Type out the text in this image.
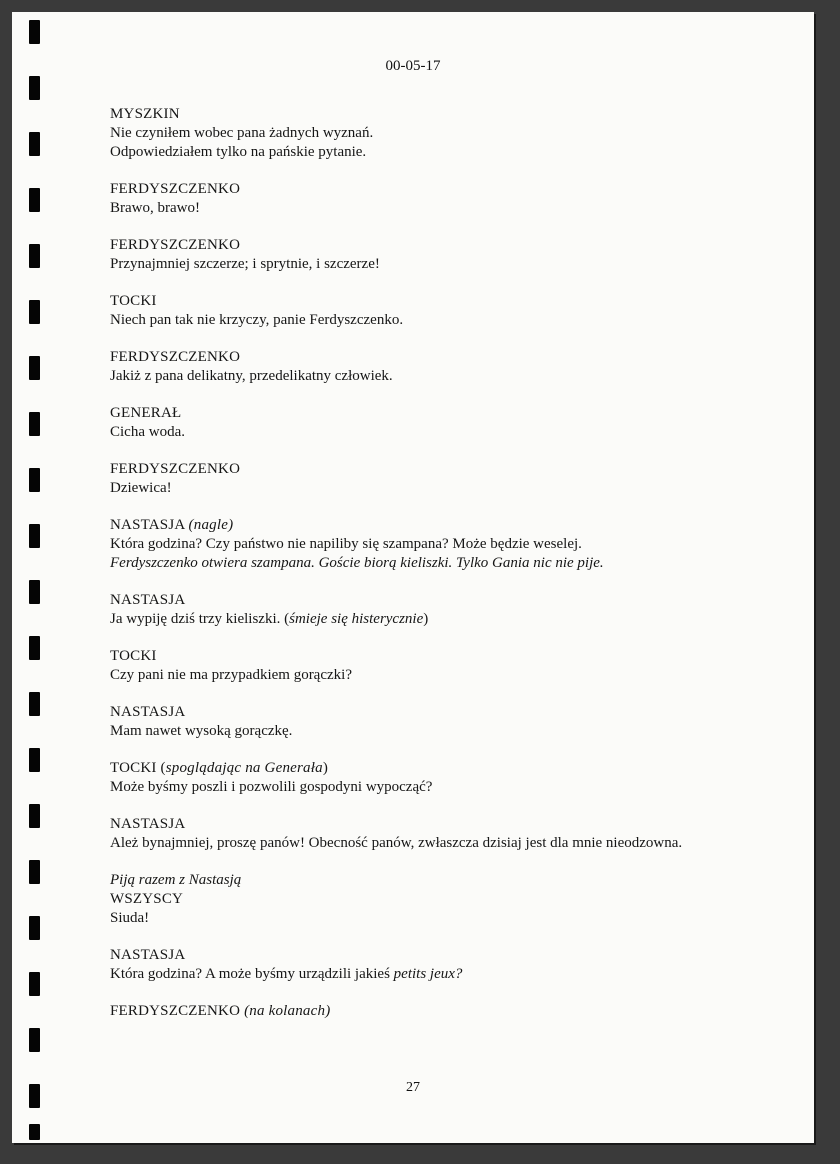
00-05-17
MYSZKIN
Nie czyniłem wobec pana żadnych wyznań.
Odpowiedziałem tylko na pańskie pytanie.
FERDYSZCZENKO
Brawo, brawo!
FERDYSZCZENKO
Przynajmniej szczerze; i sprytnie, i szczerze!
TOCKI
Niech pan tak nie krzyczy, panie Ferdyszczenko.
FERDYSZCZENKO
Jakiż z pana delikatny, przedelikatny człowiek.
GENERAŁ
Cicha woda.
FERDYSZCZENKO
Dziewica!
NASTASJA (nagle)
Która godzina? Czy państwo nie napiliby się szampana? Może będzie weselej.
Ferdyszczenko otwiera szampana. Goście biorą kieliszki. Tylko Gania nic nie pije.
NASTASJA
Ja wypiję dziś trzy kieliszki. (śmieje się histerycznie)
TOCKI
Czy pani nie ma przypadkiem gorączki?
NASTASJA
Mam nawet wysoką gorączkę.
TOCKI (spoglądając na Generała)
Może byśmy poszli i pozwolili gospodyni wypocząć?
NASTASJA
Ależ bynajmniej, proszę panów! Obecność panów, zwłaszcza dzisiaj jest dla mnie nieodzowna.
Piją razem z Nastasją
WSZYSCY
Siuda!
NASTASJA
Która godzina? A może byśmy urządzili jakieś petits jeux?
FERDYSZCZENKO (na kolanach)
27
